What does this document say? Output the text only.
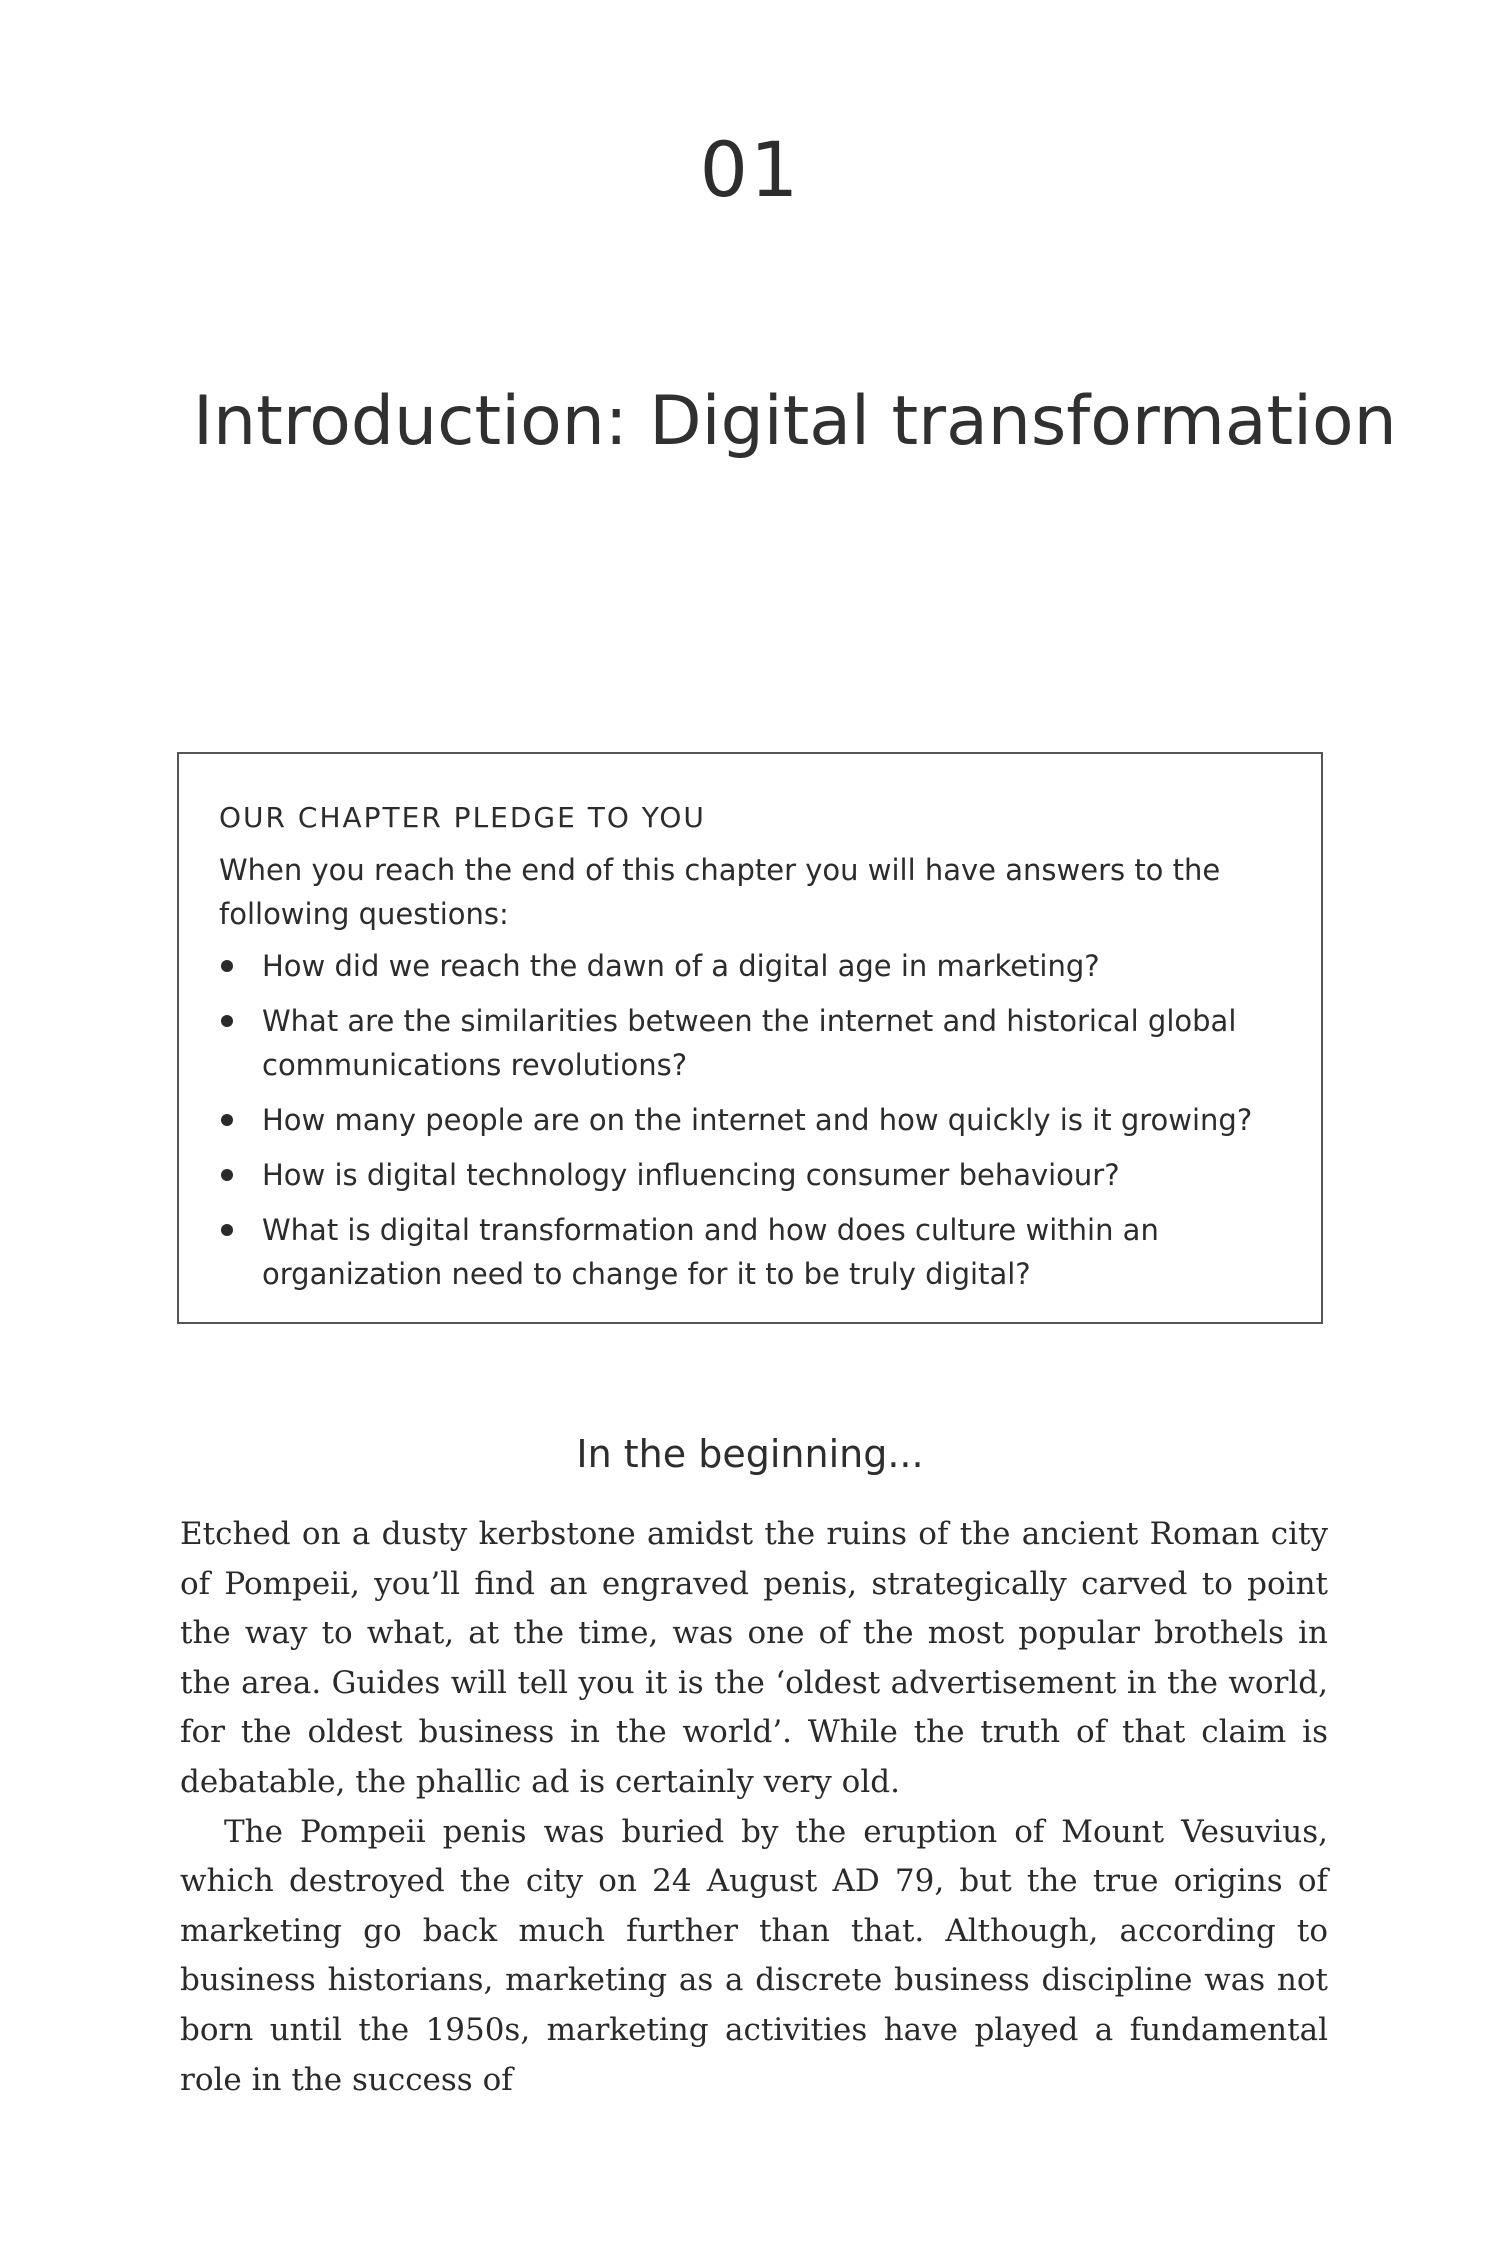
01
Introduction: Digital transformation
OUR CHAPTER PLEDGE TO YOU
When you reach the end of this chapter you will have answers to the following questions:
How did we reach the dawn of a digital age in marketing?
What are the similarities between the internet and historical global communications revolutions?
How many people are on the internet and how quickly is it growing?
How is digital technology influencing consumer behaviour?
What is digital transformation and how does culture within an organization need to change for it to be truly digital?
In the beginning...

Etched on a dusty kerbstone amidst the ruins of the ancient Roman city of Pompeii, you’ll find an engraved penis, strategically carved to point the way to what, at the time, was one of the most popular brothels in the area. Guides will tell you it is the ‘oldest advertisement in the world, for the oldest business in the world’. While the truth of that claim is debatable, the phallic ad is certainly very old.

The Pompeii penis was buried by the eruption of Mount Vesuvius, which destroyed the city on 24 August AD 79, but the true origins of marketing go back much further than that. Although, according to business historians, marketing as a discrete business discipline was not born until the 1950s, marketing activities have played a fundamental role in the success of
